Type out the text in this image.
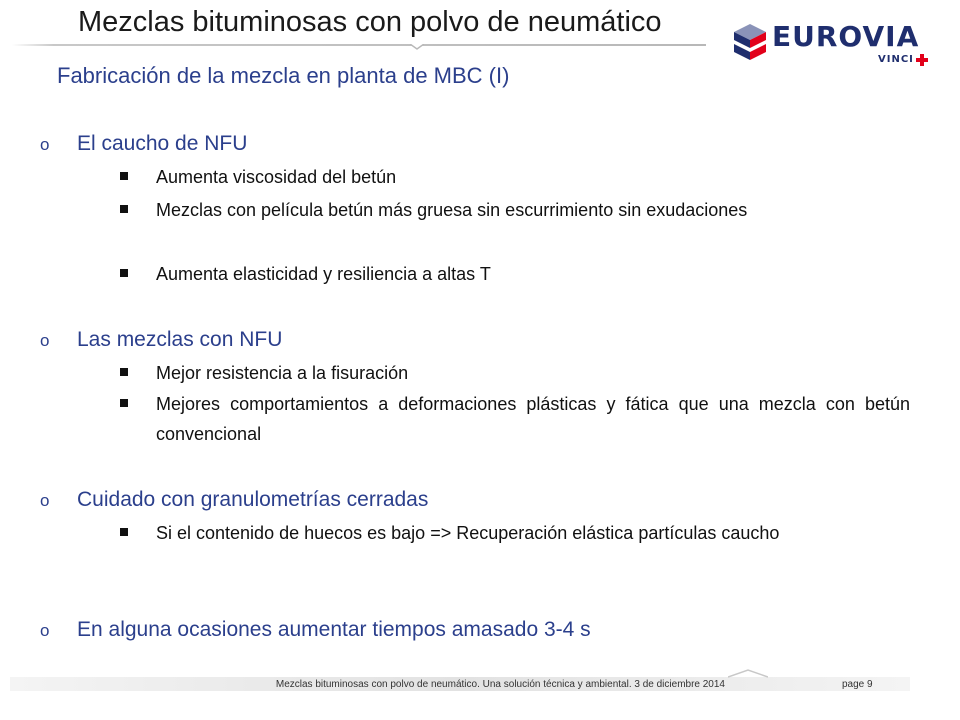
Mezclas bituminosas con polvo de neumático
Fabricación de la mezcla en planta de MBC (I)
EUROVIA
VINCI
o El caucho de NFU
Aumenta viscosidad del betún
Mezclas con película betún más gruesa sin escurrimiento sin exudaciones
Aumenta elasticidad y resiliencia a altas T
o Las mezclas con NFU
Mejor resistencia a la fisuración
Mejores comportamientos a deformaciones plásticas y fática que una mezcla con betún convencional
o Cuidado con granulometrías cerradas
Si el contenido de huecos es bajo => Recuperación elástica partículas caucho
o En alguna ocasiones aumentar tiempos amasado 3-4 s
Mezclas bituminosas con polvo de neumático. Una solución técnica y ambiental. 3 de diciembre 2014	page 9
